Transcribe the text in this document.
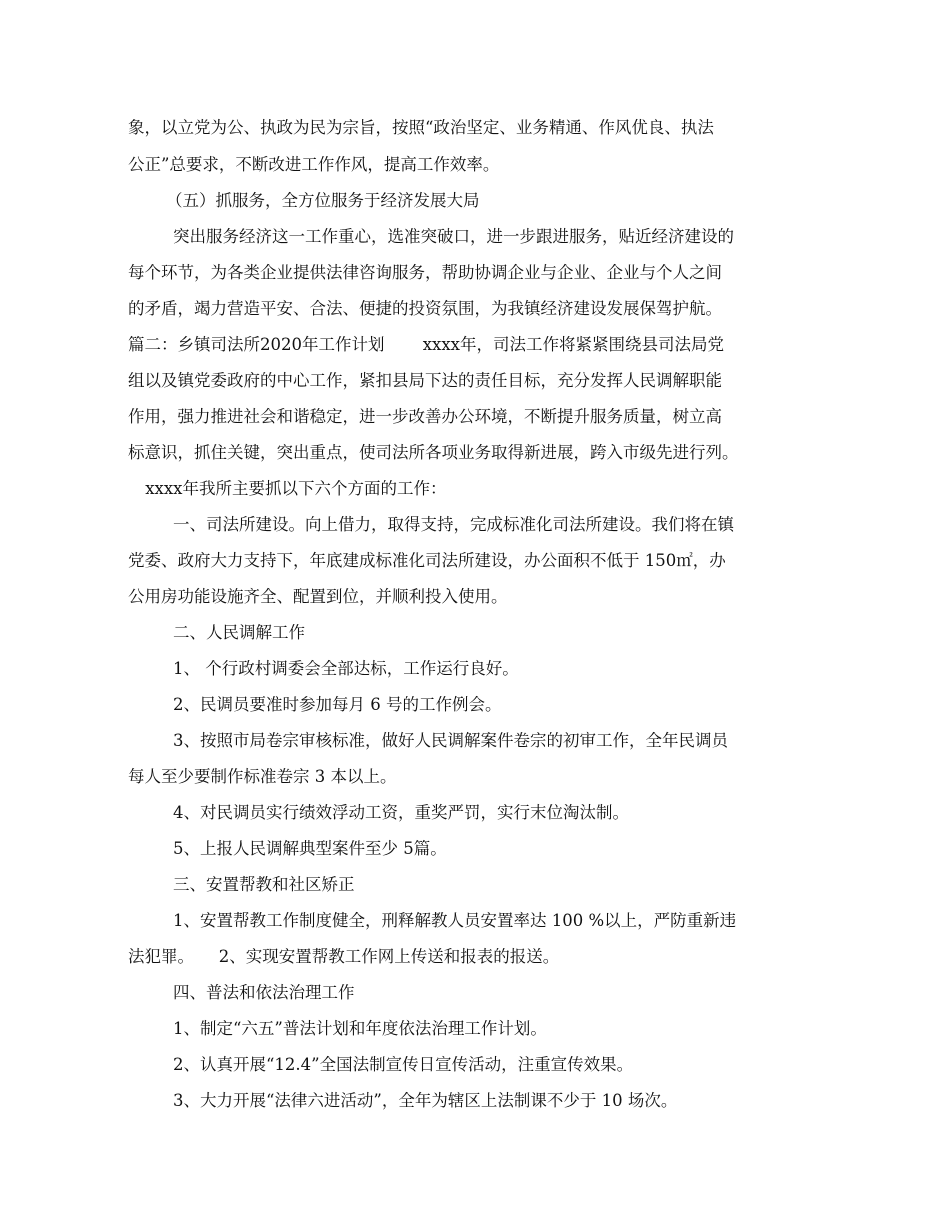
象，以立党为公、执政为民为宗旨，按照“政治坚定、业务精通、作风优良、执法
公正”总要求，不断改进工作作风，提高工作效率。
（五）抓服务，全方位服务于经济发展大局
突出服务经济这一工作重心，选准突破口，进一步跟进服务，贴近经济建设的
每个环节，为各类企业提供法律咨询服务，帮助协调企业与企业、企业与个人之间
的矛盾，竭力营造平安、合法、便捷的投资氛围，为我镇经济建设发展保驾护航。
篇二：乡镇司法所2020年工作计划　　 xxxx年，司法工作将紧紧围绕县司法局党
组以及镇党委政府的中心工作，紧扣县局下达的责任目标，充分发挥人民调解职能
作用，强力推进社会和谐稳定，进一步改善办公环境，不断提升服务质量，树立高
标意识，抓住关键，突出重点，使司法所各项业务取得新进展，跨入市级先进行列。
xxxx年我所主要抓以下六个方面的工作：
一、司法所建设。向上借力，取得支持，完成标准化司法所建设。我们将在镇
党委、政府大力支持下，年底建成标准化司法所建设，办公面积不低于 150㎡，办
公用房功能设施齐全、配置到位，并顺利投入使用。
二、人民调解工作
1、 个行政村调委会全部达标，工作运行良好。
2、民调员要准时参加每月 6 号的工作例会。
3、按照市局卷宗审核标准，做好人民调解案件卷宗的初审工作，全年民调员
每人至少要制作标准卷宗 3 本以上。
4、对民调员实行绩效浮动工资，重奖严罚，实行末位淘汰制。
5、上报人民调解典型案件至少 5篇。
三、安置帮教和社区矫正
1、安置帮教工作制度健全，刑释解教人员安置率达 100 %以上，严防重新违
法犯罪。　　2、实现安置帮教工作网上传送和报表的报送。
四、普法和依法治理工作
1、制定“六五”普法计划和年度依法治理工作计划。
2、认真开展“12.4”全国法制宣传日宣传活动，注重宣传效果。
3、大力开展“法律六进活动”，全年为辖区上法制课不少于 10 场次。
